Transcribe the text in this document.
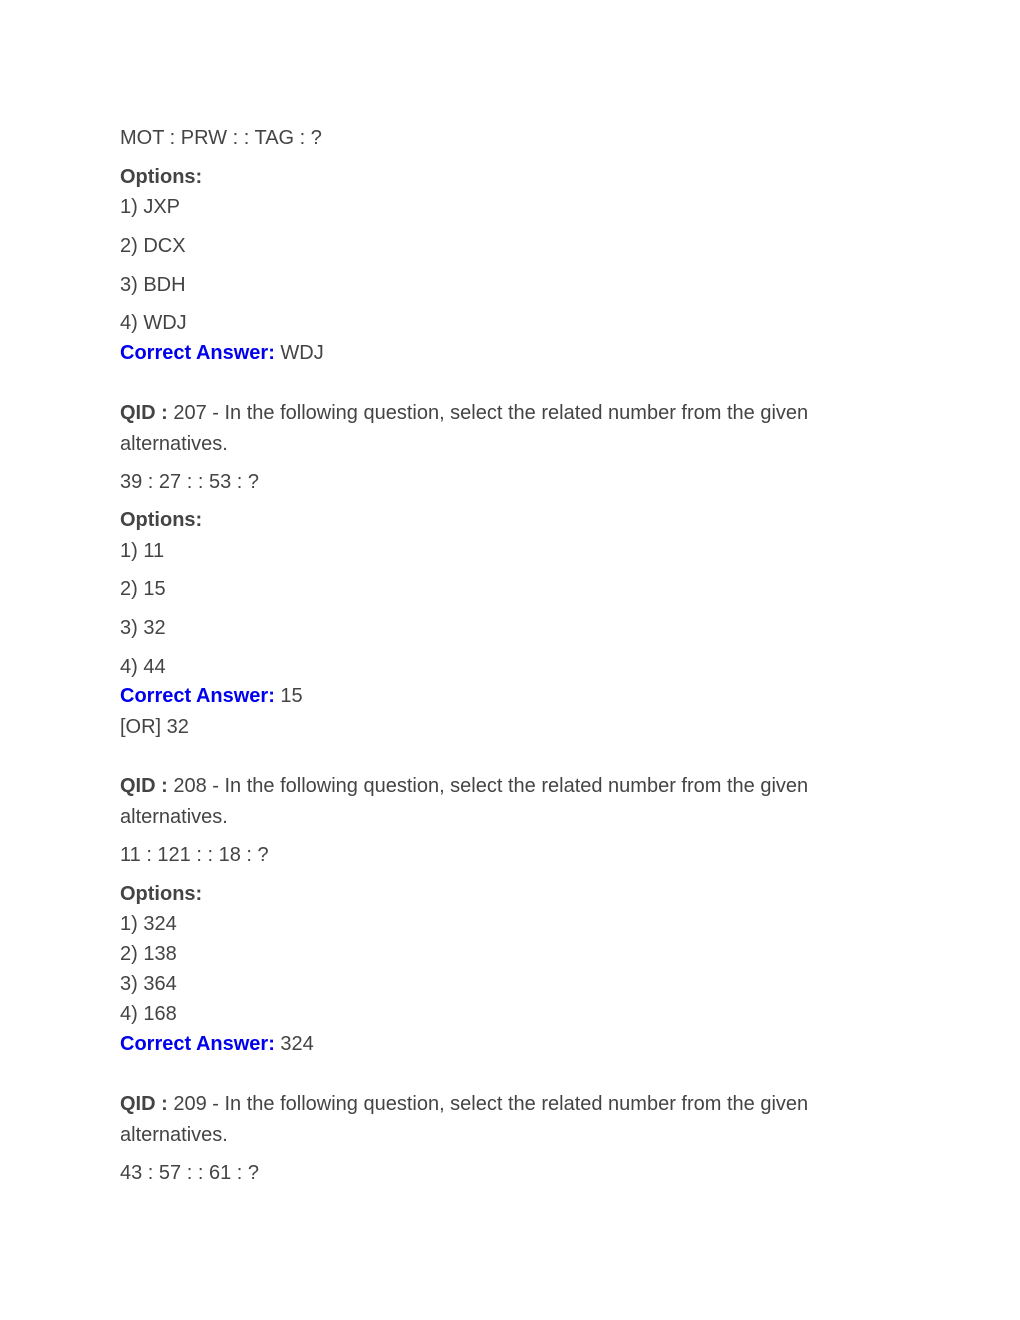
MOT : PRW : : TAG : ?
Options:
1) JXP
2) DCX
3) BDH
4) WDJ
Correct Answer: WDJ
QID : 207 - In the following question, select the related number from the given
alternatives.
39 : 27 : : 53 : ?
Options:
1) 11
2) 15
3) 32
4) 44
Correct Answer: 15
[OR] 32
QID : 208 - In the following question, select the related number from the given
alternatives.
11 : 121 : : 18 : ?
Options:
1) 324
2) 138
3) 364
4) 168
Correct Answer: 324
QID : 209 - In the following question, select the related number from the given
alternatives.
43 : 57 : : 61 : ?
